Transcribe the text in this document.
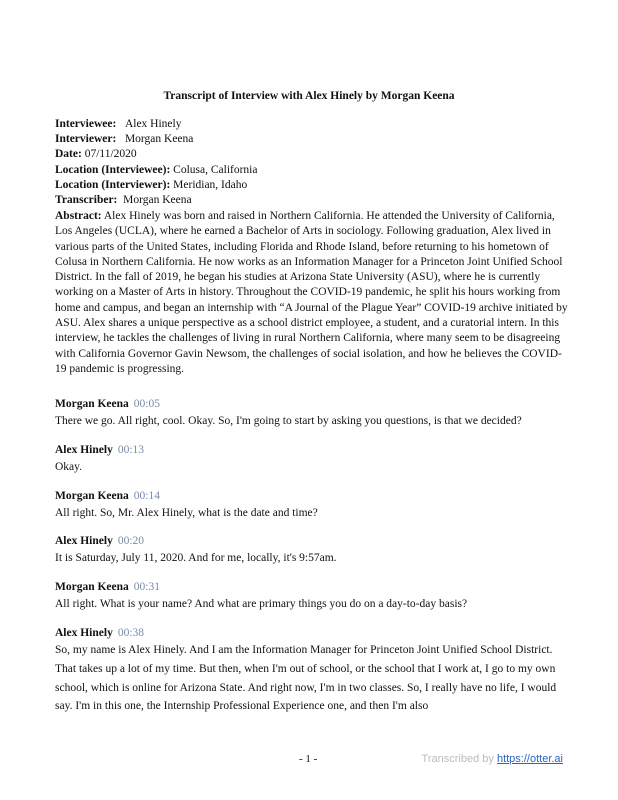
Transcript of Interview with Alex Hinely by Morgan Keena
Interviewee: Alex Hinely
Interviewer: Morgan Keena
Date: 07/11/2020
Location (Interviewee): Colusa, California
Location (Interviewer): Meridian, Idaho
Transcriber: Morgan Keena
Abstract: Alex Hinely was born and raised in Northern California. He attended the University of California, Los Angeles (UCLA), where he earned a Bachelor of Arts in sociology. Following graduation, Alex lived in various parts of the United States, including Florida and Rhode Island, before returning to his hometown of Colusa in Northern California. He now works as an Information Manager for a Princeton Joint Unified School District. In the fall of 2019, he began his studies at Arizona State University (ASU), where he is currently working on a Master of Arts in history. Throughout the COVID-19 pandemic, he split his hours working from home and campus, and began an internship with “A Journal of the Plague Year” COVID-19 archive initiated by ASU. Alex shares a unique perspective as a school district employee, a student, and a curatorial intern. In this interview, he tackles the challenges of living in rural Northern California, where many seem to be disagreeing with California Governor Gavin Newsom, the challenges of social isolation, and how he believes the COVID-19 pandemic is progressing.
Morgan Keena 00:05
There we go. All right, cool. Okay. So, I'm going to start by asking you questions, is that we decided?
Alex Hinely 00:13
Okay.
Morgan Keena 00:14
All right. So, Mr. Alex Hinely, what is the date and time?
Alex Hinely 00:20
It is Saturday, July 11, 2020. And for me, locally, it's 9:57am.
Morgan Keena 00:31
All right. What is your name? And what are primary things you do on a day-to-day basis?
Alex Hinely 00:38
So, my name is Alex Hinely. And I am the Information Manager for Princeton Joint Unified School District. That takes up a lot of my time. But then, when I'm out of school, or the school that I work at, I go to my own school, which is online for Arizona State. And right now, I'm in two classes. So, I really have no life, I would say. I'm in this one, the Internship Professional Experience one, and then I'm also
- 1 -	Transcribed by https://otter.ai
